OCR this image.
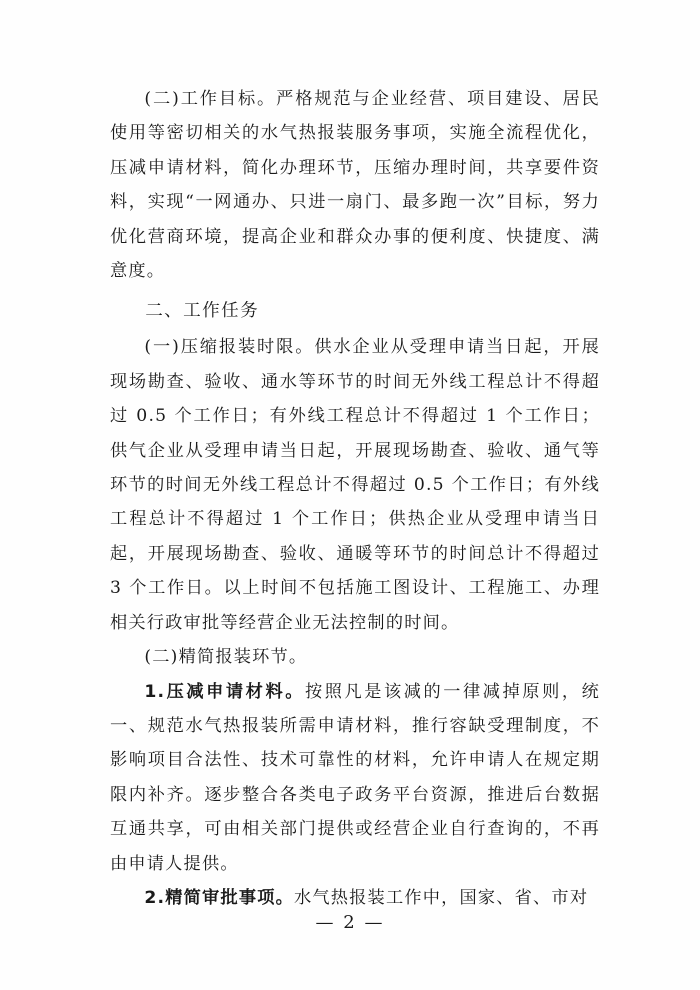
(二)工作目标。严格规范与企业经营、项目建设、居民使用等密切相关的水气热报装服务事项，实施全流程优化，压减申请材料，简化办理环节，压缩办理时间，共享要件资料，实现“一网通办、只进一扇门、最多跑一次”目标，努力优化营商环境，提高企业和群众办事的便利度、快捷度、满意度。

二、工作任务

(一)压缩报装时限。供水企业从受理申请当日起，开展现场勘查、验收、通水等环节的时间无外线工程总计不得超过 0.5 个工作日；有外线工程总计不得超过 1 个工作日；供气企业从受理申请当日起，开展现场勘查、验收、通气等环节的时间无外线工程总计不得超过 0.5 个工作日；有外线工程总计不得超过 1 个工作日；供热企业从受理申请当日起，开展现场勘查、验收、通暖等环节的时间总计不得超过 3 个工作日。以上时间不包括施工图设计、工程施工、办理相关行政审批等经营企业无法控制的时间。

(二)精简报装环节。

1.压减申请材料。按照凡是该减的一律减掉原则，统一、规范水气热报装所需申请材料，推行容缺受理制度，不影响项目合法性、技术可靠性的材料，允许申请人在规定期限内补齐。逐步整合各类电子政务平台资源，推进后台数据互通共享，可由相关部门提供或经营企业自行查询的，不再由申请人提供。

2.精简审批事项。水气热报装工作中，国家、省、市对

— 2 —
